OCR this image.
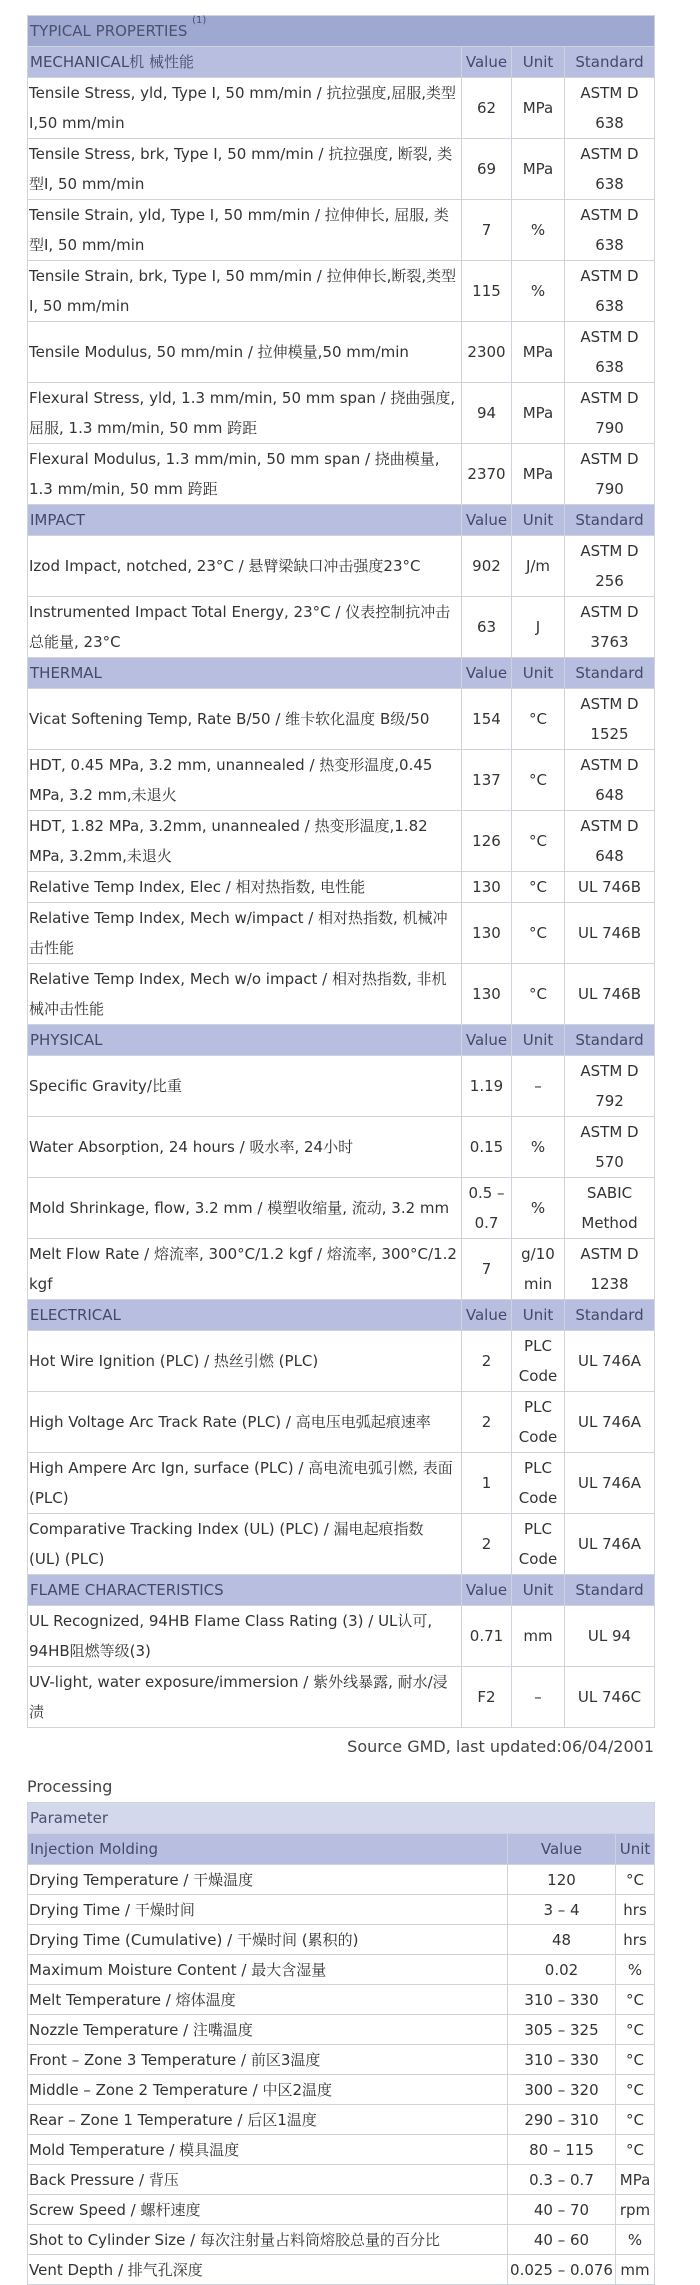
TYPICAL PROPERTIES $^{(1)}$
MECHANICAL机 械性能	Value	Unit	Standard
Tensile Stress, yld, Type I, 50 mm/min / 抗拉强度,屈服,类型I,50 mm/min	62	MPa	ASTM D 638
Tensile Stress, brk, Type I, 50 mm/min / 抗拉强度, 断裂, 类型I, 50 mm/min	69	MPa	ASTM D 638
Tensile Strain, yld, Type I, 50 mm/min / 拉伸伸长, 屈服, 类型I, 50 mm/min	7	%	ASTM D 638
Tensile Strain, brk, Type I, 50 mm/min / 拉伸伸长,断裂,类型I, 50 mm/min	115	%	ASTM D 638
Tensile Modulus, 50 mm/min / 拉伸模量,50 mm/min	2300	MPa	ASTM D 638
Flexural Stress, yld, 1.3 mm/min, 50 mm span / 挠曲强度, 屈服, 1.3 mm/min, 50 mm 跨距	94	MPa	ASTM D 790
Flexural Modulus, 1.3 mm/min, 50 mm span / 挠曲模量, 1.3 mm/min, 50 mm 跨距	2370	MPa	ASTM D 790
IMPACT	Value	Unit	Standard
Izod Impact, notched, 23°C / 悬臂梁缺口冲击强度23°C	902	J/m	ASTM D 256
Instrumented Impact Total Energy, 23°C / 仪表控制抗冲击总能量, 23°C	63	J	ASTM D 3763
THERMAL	Value	Unit	Standard
Vicat Softening Temp, Rate B/50 / 维卡软化温度 B级/50	154	°C	ASTM D 1525
HDT, 0.45 MPa, 3.2 mm, unannealed / 热变形温度,0.45 MPa, 3.2 mm,未退火	137	°C	ASTM D 648
HDT, 1.82 MPa, 3.2mm, unannealed / 热变形温度,1.82 MPa, 3.2mm,未退火	126	°C	ASTM D 648
Relative Temp Index, Elec / 相对热指数, 电性能	130	°C	UL 746B
Relative Temp Index, Mech w/impact / 相对热指数, 机械冲击性能	130	°C	UL 746B
Relative Temp Index, Mech w/o impact / 相对热指数, 非机械冲击性能	130	°C	UL 746B
PHYSICAL	Value	Unit	Standard
Specific Gravity/比重	1.19	–	ASTM D 792
Water Absorption, 24 hours / 吸水率, 24小时	0.15	%	ASTM D 570
Mold Shrinkage, flow, 3.2 mm / 模塑收缩量, 流动, 3.2 mm	0.5 – 0.7	%	SABIC Method
Melt Flow Rate / 熔流率, 300°C/1.2 kgf / 熔流率, 300°C/1.2 kgf	7	g/10 min	ASTM D 1238
ELECTRICAL	Value	Unit	Standard
Hot Wire Ignition (PLC) / 热丝引燃 (PLC)	2	PLC Code	UL 746A
High Voltage Arc Track Rate (PLC) / 高电压电弧起痕速率	2	PLC Code	UL 746A
High Ampere Arc Ign, surface (PLC) / 高电流电弧引燃, 表面 (PLC)	1	PLC Code	UL 746A
Comparative Tracking Index (UL) (PLC) / 漏电起痕指数 (UL) (PLC)	2	PLC Code	UL 746A
FLAME CHARACTERISTICS	Value	Unit	Standard
UL Recognized, 94HB Flame Class Rating (3) / UL认可, 94HB阻燃等级(3)	0.71	mm	UL 94
UV-light, water exposure/immersion / 紫外线暴露, 耐水/浸渍	F2	–	UL 746C
Source GMD, last updated:06/04/2001
Processing
Parameter		
Injection Molding	Value	Unit
Drying Temperature / 干燥温度	120	°C
Drying Time / 干燥时间	3 – 4	hrs
Drying Time (Cumulative) / 干燥时间 (累积的)	48	hrs
Maximum Moisture Content / 最大含湿量	0.02	%
Melt Temperature / 熔体温度	310 – 330	°C
Nozzle Temperature / 注嘴温度	305 – 325	°C
Front – Zone 3 Temperature / 前区3温度	310 – 330	°C
Middle – Zone 2 Temperature / 中区2温度	300 – 320	°C
Rear – Zone 1 Temperature / 后区1温度	290 – 310	°C
Mold Temperature / 模具温度	80 – 115	°C
Back Pressure / 背压	0.3 – 0.7	MPa
Screw Speed / 螺杆速度	40 – 70	rpm
Shot to Cylinder Size / 每次注射量占料筒熔胶总量的百分比	40 – 60	%
Vent Depth / 排气孔深度	0.025 – 0.076	mm
